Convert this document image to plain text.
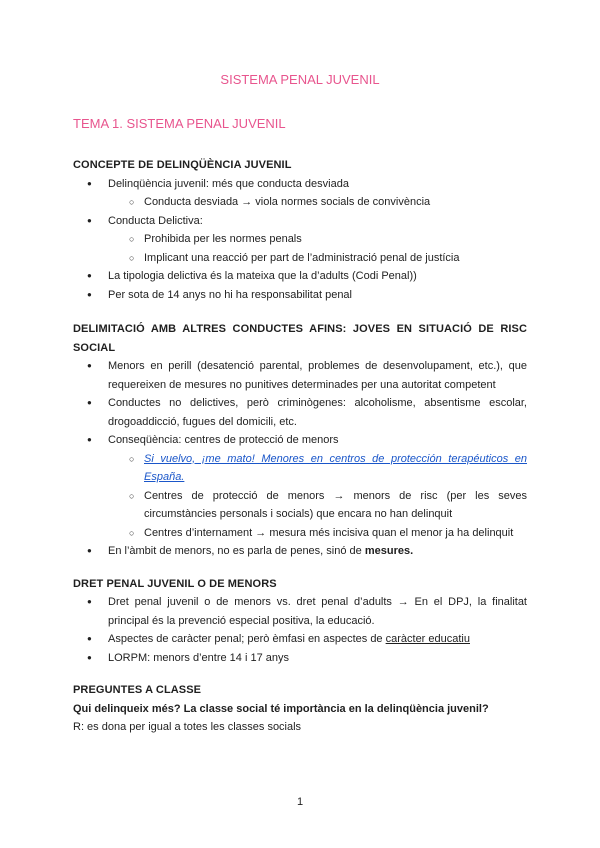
SISTEMA PENAL JUVENIL
TEMA 1. SISTEMA PENAL JUVENIL
CONCEPTE DE DELINQÜÈNCIA JUVENIL
● Delinqüència juvenil: més que conducta desviada
○ Conducta desviada → viola normes socials de convivència
● Conducta Delictiva:
○ Prohibida per les normes penals
○ Implicant una reacció per part de l’administració penal de justícia
● La tipologia delictiva és la mateixa que la d’adults (Codi Penal))
● Per sota de 14 anys no hi ha responsabilitat penal
DELIMITACIÓ AMB ALTRES CONDUCTES AFINS: JOVES EN SITUACIÓ DE RISC SOCIAL
● Menors en perill (desatenció parental, problemes de desenvolupament, etc.), que requereixen de mesures no punitives determinades per una autoritat competent
● Conductes no delictives, però criminògenes: alcoholisme, absentisme escolar, drogoaddicció, fugues del domicili, etc.
● Conseqüència: centres de protecció de menors
○ Si vuelvo, ¡me mato! Menores en centros de protección terapéuticos en España.
○ Centres de protecció de menors → menors de risc (per les seves circumstàncies personals i socials) que encara no han delinquit
○ Centres d’internament → mesura més incisiva quan el menor ja ha delinquit
● En l’àmbit de menors, no es parla de penes, sinó de mesures.
DRET PENAL JUVENIL O DE MENORS
● Dret penal juvenil o de menors vs. dret penal d’adults → En el DPJ, la finalitat principal és la prevenció especial positiva, la educació.
● Aspectes de caràcter penal; però èmfasi en aspectes de caràcter educatiu
● LORPM: menors d’entre 14 i 17 anys
PREGUNTES A CLASSE
Qui delinqueix més? La classe social té importància en la delinqüència juvenil?
R: es dona per igual a totes les classes socials
1
